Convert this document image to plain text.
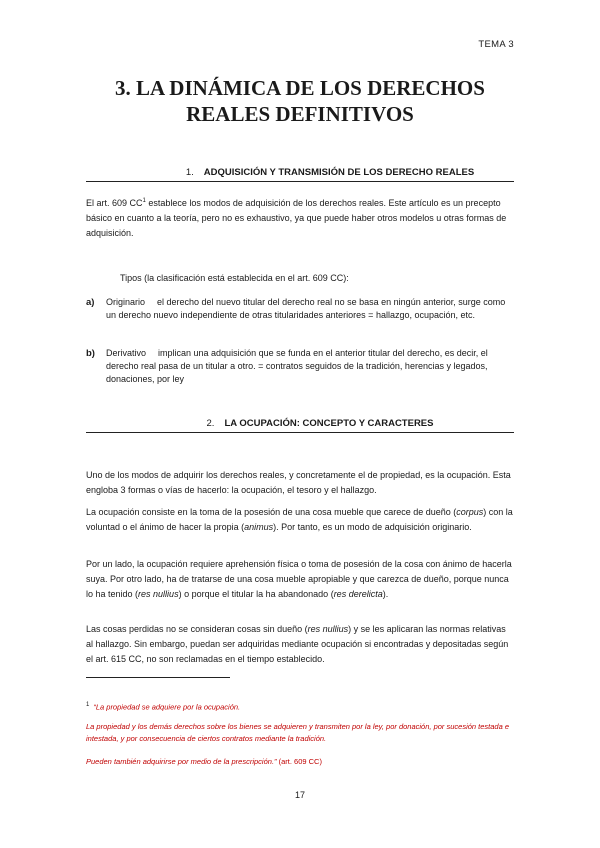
TEMA 3
3. LA DINÁMICA DE LOS DERECHOS
REALES DEFINITIVOS
1. ADQUISICIÓN Y TRANSMISIÓN DE LOS DERECHO REALES
El art. 609 $CC^1$ establece los modos de adquisición de los derechos reales. Este artículo es un precepto básico en cuanto a la teoría, pero no es exhaustivo, ya que puede haber otros modelos u otras formas de adquisición.
Tipos (la clasificación está establecida en el art. 609 CC):
a) Originario el derecho del nuevo titular del derecho real no se basa en ningún anterior, surge como un derecho nuevo independiente de otras titularidades anteriores = hallazgo, ocupación, etc.
b) Derivativo implican una adquisición que se funda en el anterior titular del derecho, es decir, el derecho real pasa de un titular a otro. = contratos seguidos de la tradición, herencias y legados, donaciones, por ley
2. LA OCUPACIÓN: CONCEPTO Y CARACTERES
Uno de los modos de adquirir los derechos reales, y concretamente el de propiedad, es la ocupación. Esta engloba 3 formas o vías de hacerlo: la ocupación, el tesoro y el hallazgo.
La ocupación consiste en la toma de la posesión de una cosa mueble que carece de dueño (corpus) con la voluntad o el ánimo de hacer la propia (animus). Por tanto, es un modo de adquisición originario.
Por un lado, la ocupación requiere aprehensión física o toma de posesión de la cosa con ánimo de hacerla suya. Por otro lado, ha de tratarse de una cosa mueble apropiable y que carezca de dueño, porque nunca lo ha tenido (res nullius) o porque el titular la ha abandonado (res derelicta).
Las cosas perdidas no se consideran cosas sin dueño (res nullius) y se les aplicaran las normas relativas al hallazgo. Sin embargo, puedan ser adquiridas mediante ocupación si encontradas y depositadas según el art. 615 CC, no son reclamadas en el tiempo establecido.
$^1$ “La propiedad se adquiere por la ocupación.
La propiedad y los demás derechos sobre los bienes se adquieren y transmiten por la ley, por donación, por sucesión testada e intestada, y por consecuencia de ciertos contratos mediante la tradición.
Pueden también adquirirse por medio de la prescripción.” (art. 609 CC)
17
